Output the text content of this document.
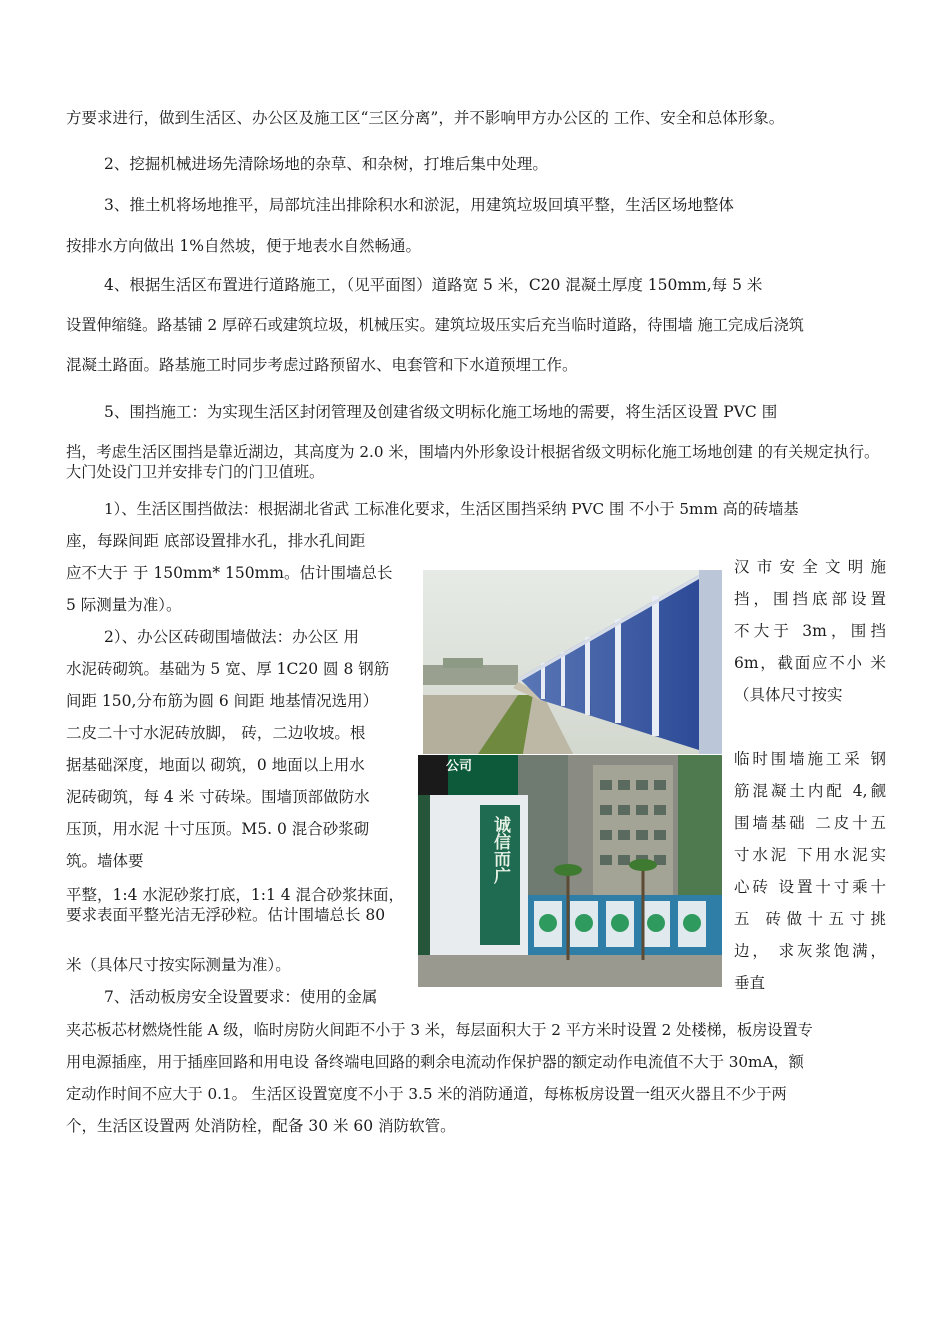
方要求进行，做到生活区、办公区及施工区“三区分离”，并不影响甲方办公区的 工作、安全和总体形象。
2、挖掘机械进场先清除场地的杂草、和杂树，打堆后集中处理。
3、推土机将场地推平，局部坑洼出排除积水和淤泥，用建筑垃圾回填平整，生活区场地整体
按排水方向做出 1%自然坡，便于地表水自然畅通。
4、根据生活区布置进行道路施工，（见平面图）道路宽 5 米，C20 混凝土厚度 150mm,每 5 米
设置伸缩缝。路基铺 2 厚碎石或建筑垃圾，机械压实。建筑垃圾压实后充当临时道路，待围墙 施工完成后浇筑
混凝土路面。路基施工时同步考虑过路预留水、电套管和下水道预埋工作。
5、围挡施工：为实现生活区封闭管理及创建省级文明标化施工场地的需要，将生活区设置 PVC 围
挡，考虑生活区围挡是靠近湖边，其高度为 2.0 米，围墙内外形象设计根据省级文明标化施工场地创建 的有关规定执行。大门处设门卫并安排专门的门卫值班。
1）、生活区围挡做法：根据湖北省武 工标准化要求，生活区围挡采纳 PVC 围 不小于 5mm 高的砖墙基
座，每跺间距 底部设置排水孔，排水孔间距
应不大于 于 150mm* 150mm。估计围墙总长
5 际测量为准）。
2）、办公区砖砌围墙做法：办公区 用
水泥砖砌筑。基础为 5 宽、厚 1C20 圆 8 钢筋
间距 150,分布筋为圆 6 间距 地基情况选用）
二皮二十寸水泥砖放脚， 砖，二边收坡。根
据基础深度，地面以 砌筑，0 地面以上用水
泥砖砌筑，每 4 米 寸砖垛。围墙顶部做防水
压顶，用水泥 十寸压顶。M5. 0 混合砂浆砌
筑。墙体要
平整，1:4 水泥砂浆打底，1:1 4 混合砂浆抹面，要求表面平整光洁无浮砂粒。估计围墙总长 80
米（具体尺寸按实际测量为准）。
7、活动板房安全设置要求：使用的金属
汉市安全文明施
挡，围挡底部设置
不大于 3m，围挡
6m，截面应不小 米
（具体尺寸按实
临时围墙施工采 钢
筋混凝土内配 4,觎
围墙基础 二皮十五
寸水泥 下用水泥实
心砖 设置十寸乘十
五 砖做十五寸挑
边， 求灰浆饱满，
垂直
公司
诚信而广
夹芯板芯材燃烧性能 A 级，临时房防火间距不小于 3 米，每层面积大于 2 平方米时设置 2 处楼梯，板房设置专
用电源插座，用于插座回路和用电设 备终端电回路的剩余电流动作保护器的额定动作电流值不大于 30mA，额
定动作时间不应大于 0.1。 生活区设置宽度不小于 3.5 米的消防通道，每栋板房设置一组灭火器且不少于两
个，生活区设置两 处消防栓，配备 30 米 60 消防软管。
